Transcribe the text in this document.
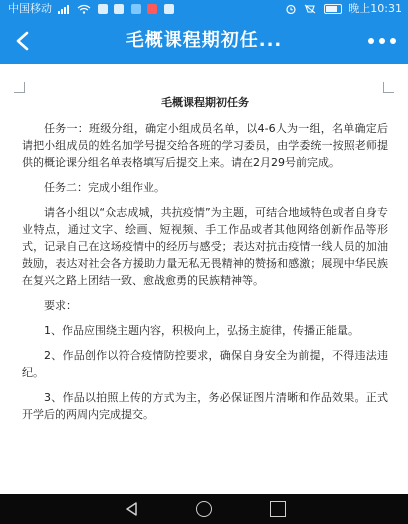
中国移动	晚上10:31
毛概课程期初任...
毛概课程期初任务

任务一：班级分组，确定小组成员名单，以4-6人为一组，名单确定后请把小组成员的姓名加学号提交给各班的学习委员，由学委统一按照老师提供的概论课分组名单表格填写后提交上来。请在2月29号前完成。

任务二：完成小组作业。

请各小组以“众志成城，共抗疫情”为主题，可结合地域特色或者自身专业特点，通过文字、绘画、短视频、手工作品或者其他网络创新作品等形式，记录自己在这场疫情中的经历与感受；表达对抗击疫情一线人员的加油鼓励，表达对社会各方援助力量无私无畏精神的赞扬和感激；展现中华民族在复兴之路上团结一致、愈战愈勇的民族精神等。

要求：

1、作品应围绕主题内容，积极向上，弘扬主旋律，传播正能量。

2、作品创作以符合疫情防控要求，确保自身安全为前提，不得违法违纪。

3、作品以拍照上传的方式为主，务必保证图片清晰和作品效果。正式开学后的两周内完成提交。
